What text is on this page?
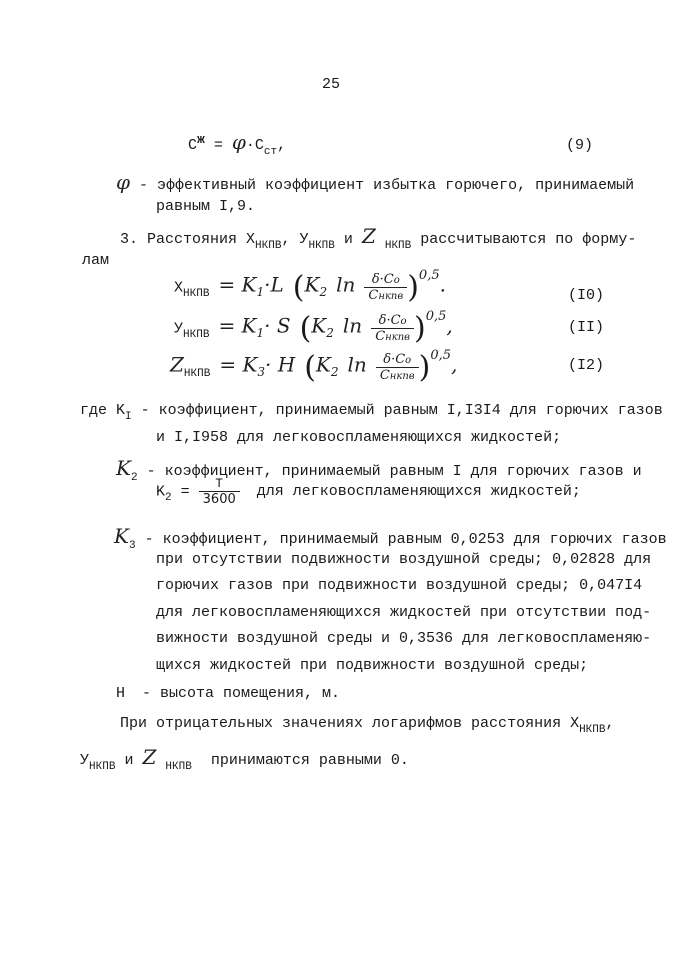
25
Cж = $\varphi\cdot C_{ст}$,	(9)
φ - эффективный коэффициент избытка горючего, принимаемый
равным I,9.
3. Расстояния $X_{НКПВ}$, $У_{НКПВ}$ и Z $_{НКПВ}$ рассчитываются по форму-
лам
$X_{НКПВ} = K_1\cdot L$ ($K_2$ $\ln \frac{\delta\cdot Co}{\text{Cнкпв}} )0,5$.	(I0)
$У_{НКПВ} = K_1\cdot S$ ($K_2$ $\ln \frac{\delta\cdot Co}{\text{Cнкпв}} )0,5$,	(II)
$Z_{НКПВ} = K_3\cdot H$ ($K_2$ $\ln \frac{\delta\cdot Co}{\text{Cнкпв}} )0,5$,	(I2)
где $K_I$ - коэффициент, принимаемый равным I,I3I4 для горючих газов
и I,I958 для легковоспламеняющихся жидкостей;
$K_2$ - коэффициент, принимаемый равным I для горючих газов и
$K_2 = \frac{T}{3600}$ для легковоспламеняющихся жидкостей;
$K_3$ - коэффициент, принимаемый равным 0,0253 для горючих газов
при отсутствии подвижности воздушной среды; 0,02828 для
горючих газов при подвижности воздушной среды; 0,047I4
для легковоспламеняющихся жидкостей при отсутствии под-
вижности воздушной среды и 0,3536 для легковоспламеняю-
щихся жидкостей при подвижности воздушной среды;
H - высота помещения, м.
При отрицательных значениях логарифмов расстояния $X_{НКПВ}$,
$У_{НКПВ}$ и Z $_{НКПВ}$ принимаются равными 0.
